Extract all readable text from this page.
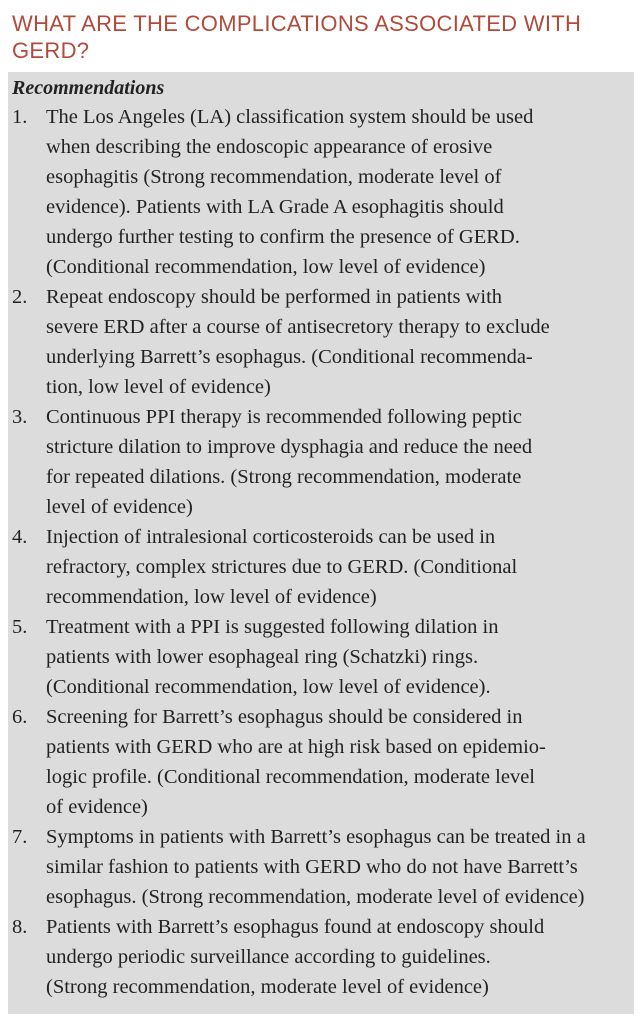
WHAT ARE THE COMPLICATIONS ASSOCIATED WITH
GERD?
Recommendations
1. The Los Angeles (LA) classification system should be used
when describing the endoscopic appearance of erosive
esophagitis (Strong recommendation, moderate level of
evidence). Patients with LA Grade A esophagitis should
undergo further testing to confirm the presence of GERD.
(Conditional recommendation, low level of evidence)
2. Repeat endoscopy should be performed in patients with
severe ERD after a course of antisecretory therapy to exclude
underlying Barrett’s esophagus. (Conditional recommenda-
tion, low level of evidence)
3. Continuous PPI therapy is recommended following peptic
stricture dilation to improve dysphagia and reduce the need
for repeated dilations. (Strong recommendation, moderate
level of evidence)
4. Injection of intralesional corticosteroids can be used in
refractory, complex strictures due to GERD. (Conditional
recommendation, low level of evidence)
5. Treatment with a PPI is suggested following dilation in
patients with lower esophageal ring (Schatzki) rings.
(Conditional recommendation, low level of evidence).
6. Screening for Barrett’s esophagus should be considered in
patients with GERD who are at high risk based on epidemio-
logic profile. (Conditional recommendation, moderate level
of evidence)
7. Symptoms in patients with Barrett’s esophagus can be treated in a
similar fashion to patients with GERD who do not have Barrett’s
esophagus. (Strong recommendation, moderate level of evidence)
8. Patients with Barrett’s esophagus found at endoscopy should
undergo periodic surveillance according to guidelines.
(Strong recommendation, moderate level of evidence)
